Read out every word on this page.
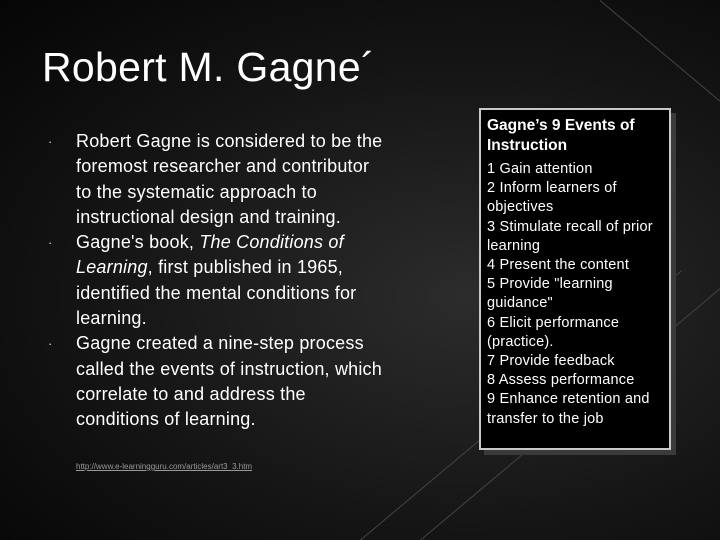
Robert M. Gagne´
· Robert Gagne is considered to be the foremost researcher and contributor to the systematic approach to instructional design and training.
· Gagne's book, The Conditions of Learning, first published in 1965, identified the mental conditions for learning.
· Gagne created a nine-step process called the events of instruction, which correlate to and address the conditions of learning.
http://www.e-learningguru.com/articles/art3_3.htm
Gagne’s 9 Events of Instruction
1 Gain attention
2 Inform learners of objectives
3 Stimulate recall of prior learning
4 Present the content
5 Provide "learning guidance"
6 Elicit performance (practice).
7 Provide feedback
8 Assess performance
9 Enhance retention and transfer to the job
